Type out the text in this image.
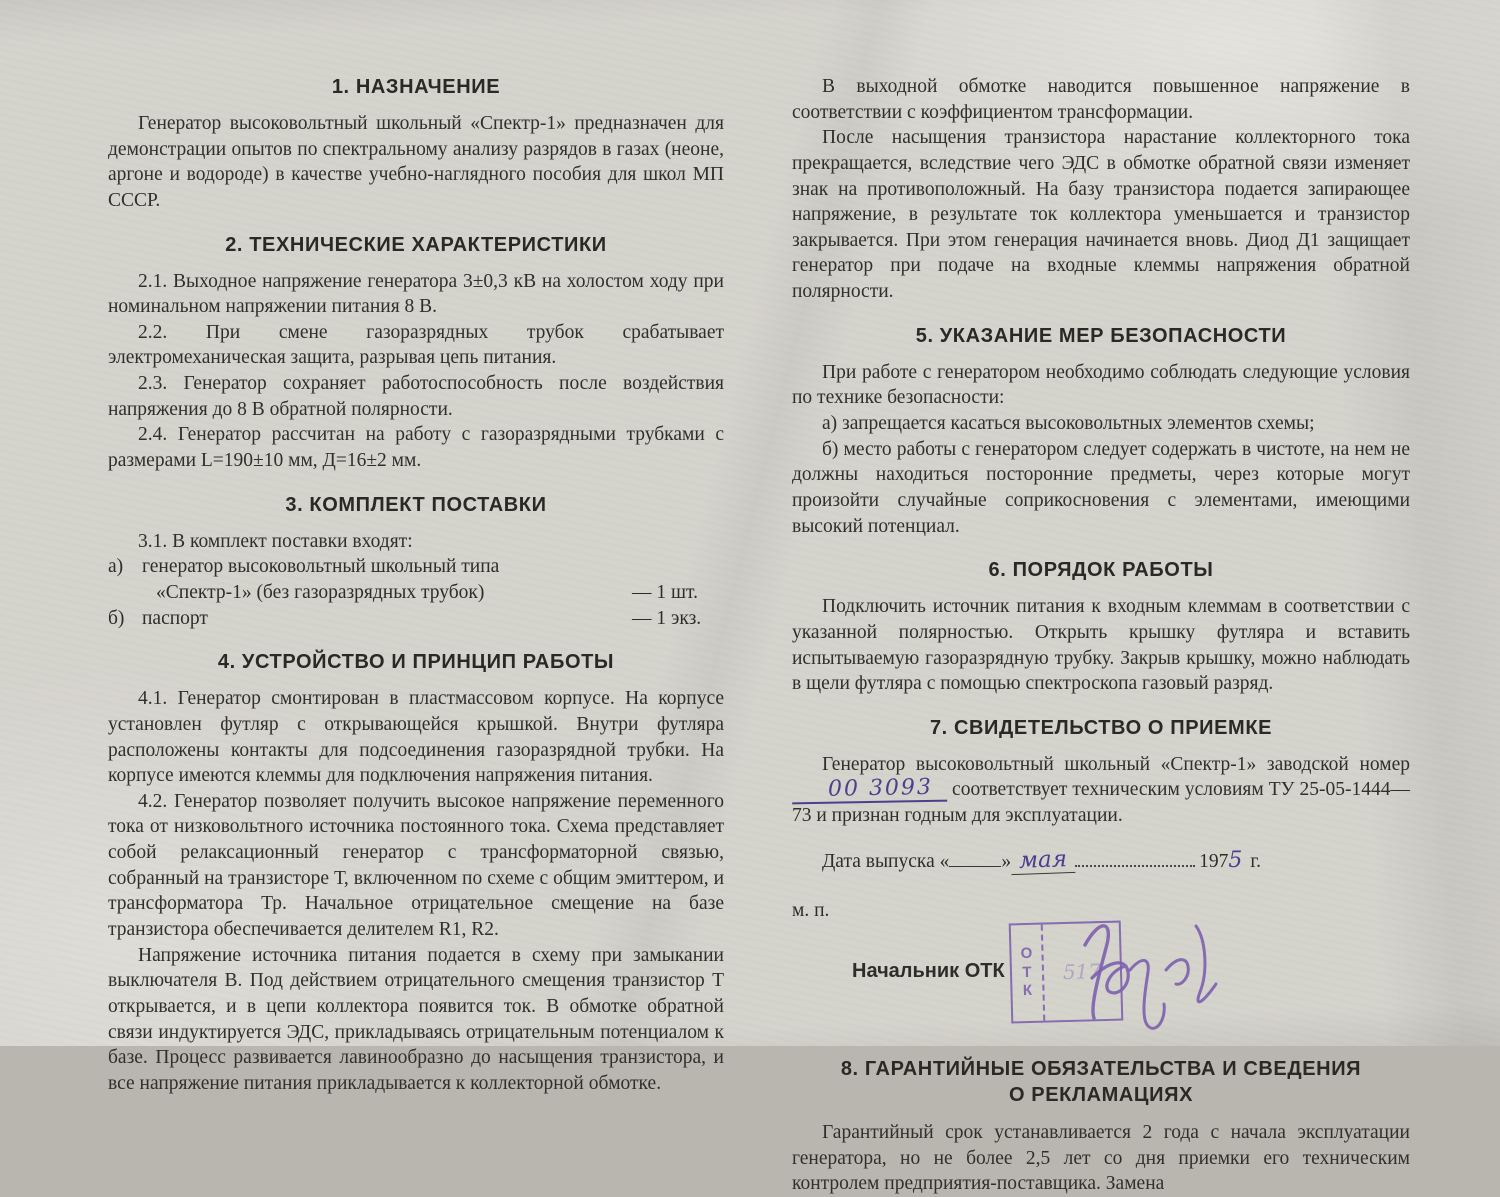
1. НАЗНАЧЕНИЕ

Генератор высоковольтный школьный «Спектр-1» предназначен для демонстрации опытов по спектральному анализу разрядов в газах (неоне, аргоне и водороде) в качестве учебно-наглядного пособия для школ МП СССР.

2. ТЕХНИЧЕСКИЕ ХАРАКТЕРИСТИКИ

2.1. Выходное напряжение генератора 3±0,3 кВ на холостом ходу при номинальном напряжении питания 8 В.

2.2. При смене газоразрядных трубок срабатывает электромеханическая защита, разрывая цепь питания.

2.3. Генератор сохраняет работоспособность после воздействия напряжения до 8 В обратной полярности.

2.4. Генератор рассчитан на работу с газоразрядными трубками с размерами L=190±10 мм, Д=16±2 мм.

3. КОМПЛЕКТ ПОСТАВКИ

3.1. В комплект поставки входят:

а) генератор высоковольтный школьный типа
«Спектр-1» (без газоразрядных трубок)	— 1 шт.
б) паспорт	— 1 экз.
4. УСТРОЙСТВО И ПРИНЦИП РАБОТЫ

4.1. Генератор смонтирован в пластмассовом корпусе. На корпусе установлен футляр с открывающейся крышкой. Внутри футляра расположены контакты для подсоединения газоразрядной трубки. На корпусе имеются клеммы для подключения напряжения питания.

4.2. Генератор позволяет получить высокое напряжение переменного тока от низковольтного источника постоянного тока. Схема представляет собой релаксационный генератор с трансформаторной связью, собранный на транзисторе Т, включенном по схеме с общим эмиттером, и трансформатора Тр. Начальное отрицательное смещение на базе транзистора обеспечивается делителем R1, R2.

Напряжение источника питания подается в схему при замыкании выключателя В. Под действием отрицательного смещения транзистор Т открывается, и в цепи коллектора появится ток. В обмотке обратной связи индуктируется ЭДС, прикладываясь отрицательным потенциалом к базе. Процесс развивается лавинообразно до насыщения транзистора, и все напряжение питания прикладывается к коллекторной обмотке.

В выходной обмотке наводится повышенное напряжение в соответствии с коэффициентом трансформации.

После насыщения транзистора нарастание коллекторного тока прекращается, вследствие чего ЭДС в обмотке обратной связи изменяет знак на противоположный. На базу транзистора подается запирающее напряжение, в результате ток коллектора уменьшается и транзистор закрывается. При этом генерация начинается вновь. Диод Д1 защищает генератор при подаче на входные клеммы напряжения обратной полярности.

5. УКАЗАНИЕ МЕР БЕЗОПАСНОСТИ

При работе с генератором необходимо соблюдать следующие условия по технике безопасности:

а) запрещается касаться высоковольтных элементов схемы;

б) место работы с генератором следует содержать в чистоте, на нем не должны находиться посторонние предметы, через которые могут произойти случайные соприкосновения с элементами, имеющими высокий потенциал.

6. ПОРЯДОК РАБОТЫ

Подключить источник питания к входным клеммам в соответствии с указанной полярностью. Открыть крышку футляра и вставить испытываемую газоразрядную трубку. Закрыв крышку, можно наблюдать в щели футляра с помощью спектроскопа газовый разряд.

7. СВИДЕТЕЛЬСТВО О ПРИЕМКЕ

Генератор высоковольтный школьный «Спектр-1» заводской номер 00 3093 соответствует техническим условиям ТУ 25-05-1444—73 и признан годным для эксплуатации.

Дата выпуска «	» мая	197 5 г.

м. п.

Начальник ОТК
О
Т
К
517
8. ГАРАНТИЙНЫЕ ОБЯЗАТЕЛЬСТВА И СВЕДЕНИЯ
О РЕКЛАМАЦИЯХ

Гарантийный срок устанавливается 2 года с начала эксплуатации генератора, но не более 2,5 лет со дня приемки его техническим контролем предприятия-поставщика. Замена
